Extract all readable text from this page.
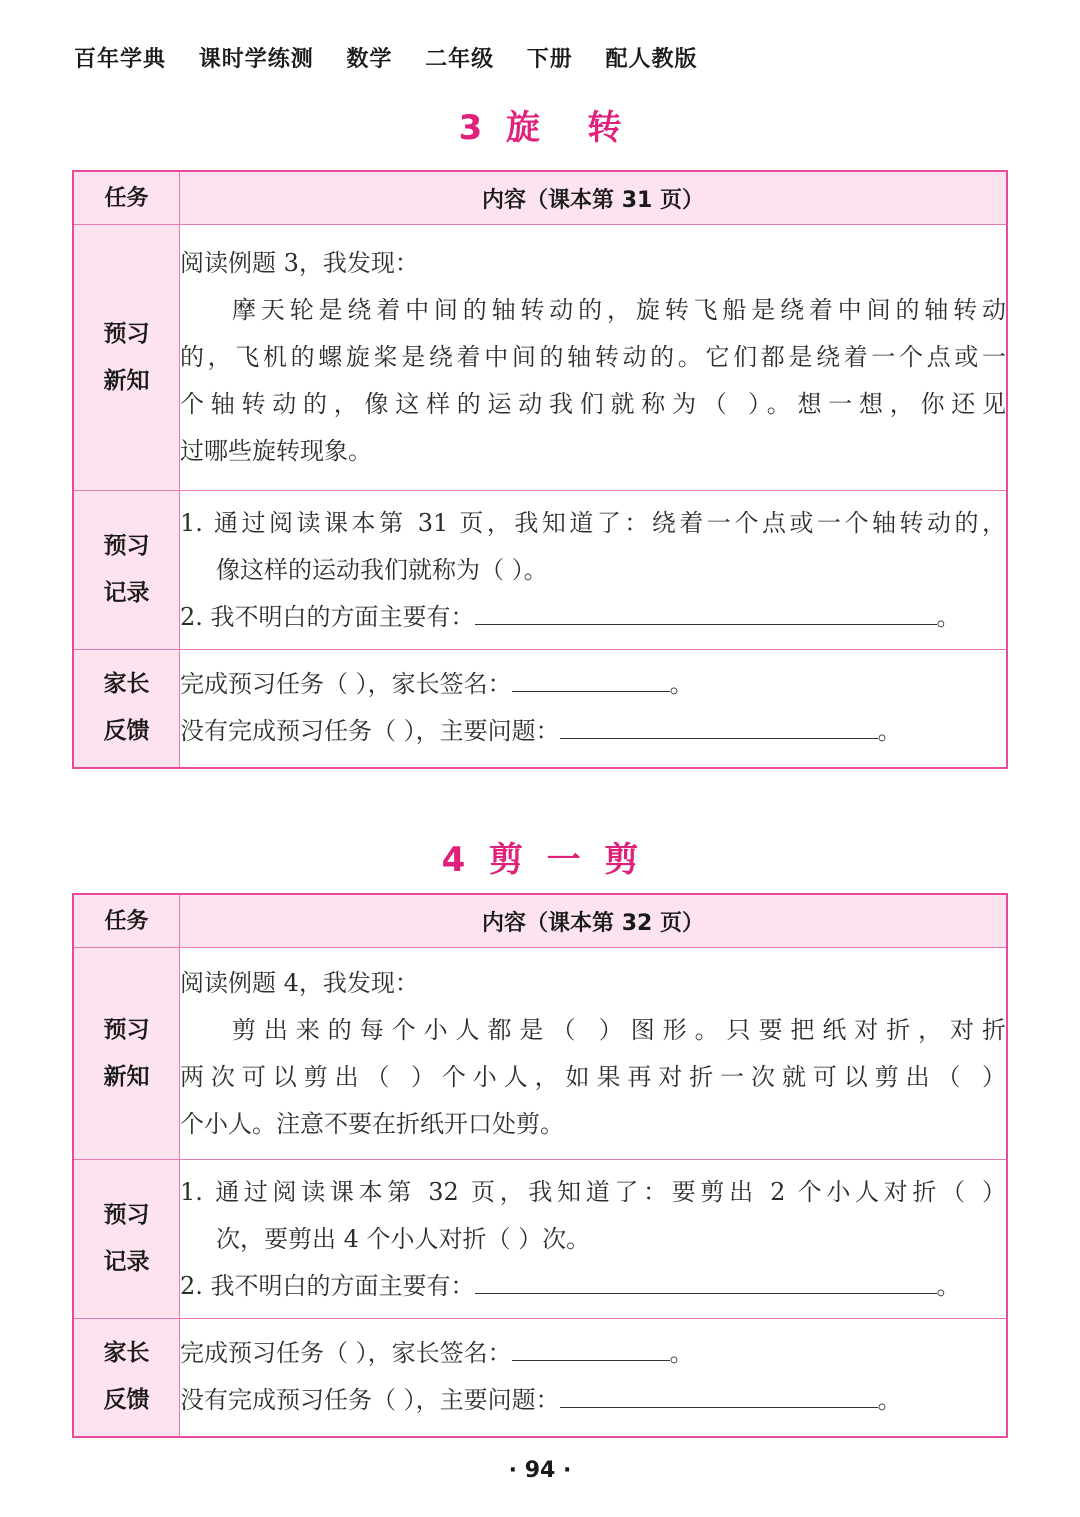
百年学典 课时学练测 数学 二年级 下册 配人教版
3  旋    转
任务	内容（课本第 31 页）

预习
新知	阅读例题 3，我发现：
摩天轮是绕着中间的轴转动的，旋转飞船是绕着中间的轴转动
的，飞机的螺旋桨是绕着中间的轴转动的。它们都是绕着一个点或一
个轴转动的，像这样的运动我们就称为（ ）。想一想，你还见
过哪些旋转现象。

预习
记录	1. 通过阅读课本第 31 页，我知道了：绕着一个点或一个轴转动的，
像这样的运动我们就称为（ ）。
2. 我不明白的方面主要有： 。

家长
反馈	完成预习任务（ ），家长签名： 。
没有完成预习任务（ ），主要问题： 。
4  剪  一  剪
任务	内容（课本第 32 页）

预习
新知	阅读例题 4，我发现：
剪出来的每个小人都是（ ）图形。只要把纸对折，对折
两次可以剪出（ ）个小人，如果再对折一次就可以剪出（ ）
个小人。注意不要在折纸开口处剪。

预习
记录	1. 通过阅读课本第 32 页，我知道了：要剪出 2 个小人对折（ ）
次，要剪出 4 个小人对折（ ）次。
2. 我不明白的方面主要有： 。

家长
反馈	完成预习任务（ ），家长签名： 。
没有完成预习任务（ ），主要问题： 。
· 94 ·
